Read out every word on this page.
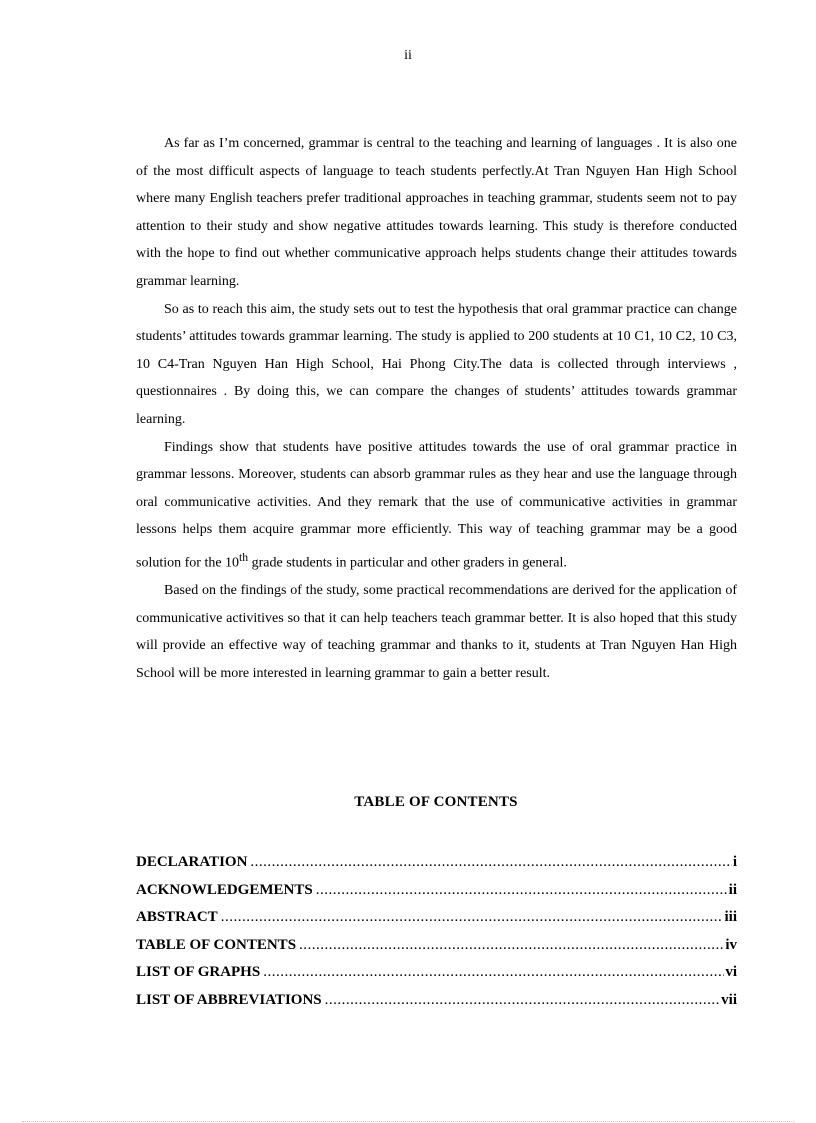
ii

As far as I’m concerned, grammar is central to the teaching and learning of languages . It is also one of the most difficult aspects of language to teach students perfectly.At Tran Nguyen Han High School where many English teachers prefer traditional approaches in teaching grammar, students seem not to pay attention to their study and show negative attitudes towards learning. This study is therefore conducted with the hope to find out whether communicative approach helps students change their attitudes towards grammar learning.

So as to reach this aim, the study sets out to test the hypothesis that oral grammar practice can change students’ attitudes towards grammar learning. The study is applied to 200 students at 10 C1, 10 C2, 10 C3, 10 C4-Tran Nguyen Han High School, Hai Phong City.The data is collected through interviews , questionnaires . By doing this, we can compare the changes of students’ attitudes towards grammar learning.

Findings show that students have positive attitudes towards the use of oral grammar practice in grammar lessons. Moreover, students can absorb grammar rules as they hear and use the language through oral communicative activities. And they remark that the use of communicative activities in grammar lessons helps them acquire grammar more efficiently. This way of teaching grammar may be a good solution for the 10th grade students in particular and other graders in general.

Based on the findings of the study, some practical recommendations are derived for the application of communicative activitives so that it can help teachers teach grammar better. It is also hoped that this study will provide an effective way of teaching grammar and thanks to it, students at Tran Nguyen Han High School will be more interested in learning grammar to gain a better result.

TABLE OF CONTENTS
DECLARATION .....	i
ACKNOWLEDGEMENTS .....	ii
ABSTRACT .....	iii
TABLE OF CONTENTS .....	iv
LIST OF GRAPHS .....	vi
LIST OF ABBREVIATIONS .....	vii
